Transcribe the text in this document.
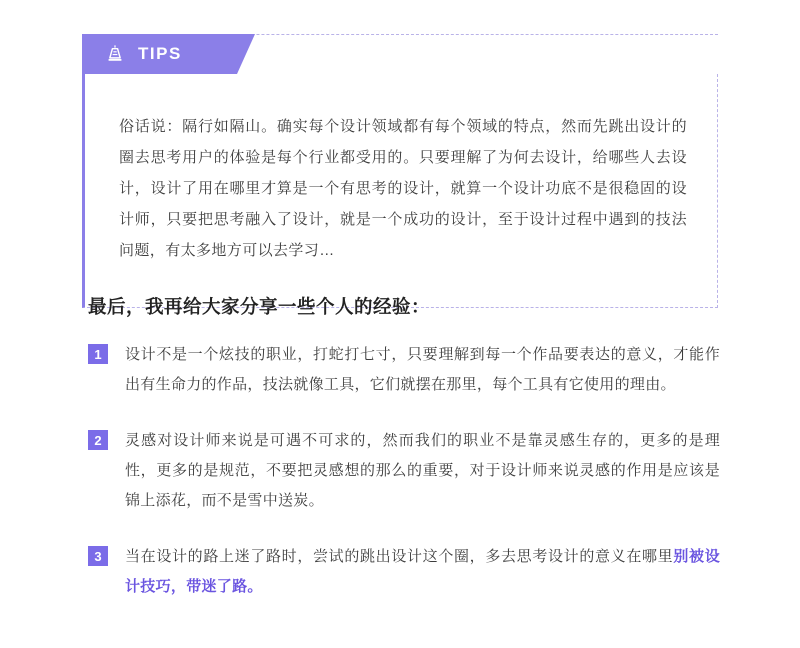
TIPS

俗话说：隔行如隔山。确实每个设计领域都有每个领域的特点，然而先跳出设计的圈去思考用户的体验是每个行业都受用的。只要理解了为何去设计，给哪些人去设计，设计了用在哪里才算是一个有思考的设计，就算一个设计功底不是很稳固的设计师，只要把思考融入了设计，就是一个成功的设计，至于设计过程中遇到的技法问题，有太多地方可以去学习…

最后，我再给大家分享一些个人的经验：
1	设计不是一个炫技的职业，打蛇打七寸，只要理解到每一个作品要表达的意义，才能作出有生命力的作品，技法就像工具，它们就摆在那里，每个工具有它使用的理由。
2	灵感对设计师来说是可遇不可求的，然而我们的职业不是靠灵感生存的，更多的是理性，更多的是规范，不要把灵感想的那么的重要，对于设计师来说灵感的作用是应该是锦上添花，而不是雪中送炭。
3	当在设计的路上迷了路时，尝试的跳出设计这个圈，多去思考设计的意义在哪里别被设计技巧，带迷了路。
